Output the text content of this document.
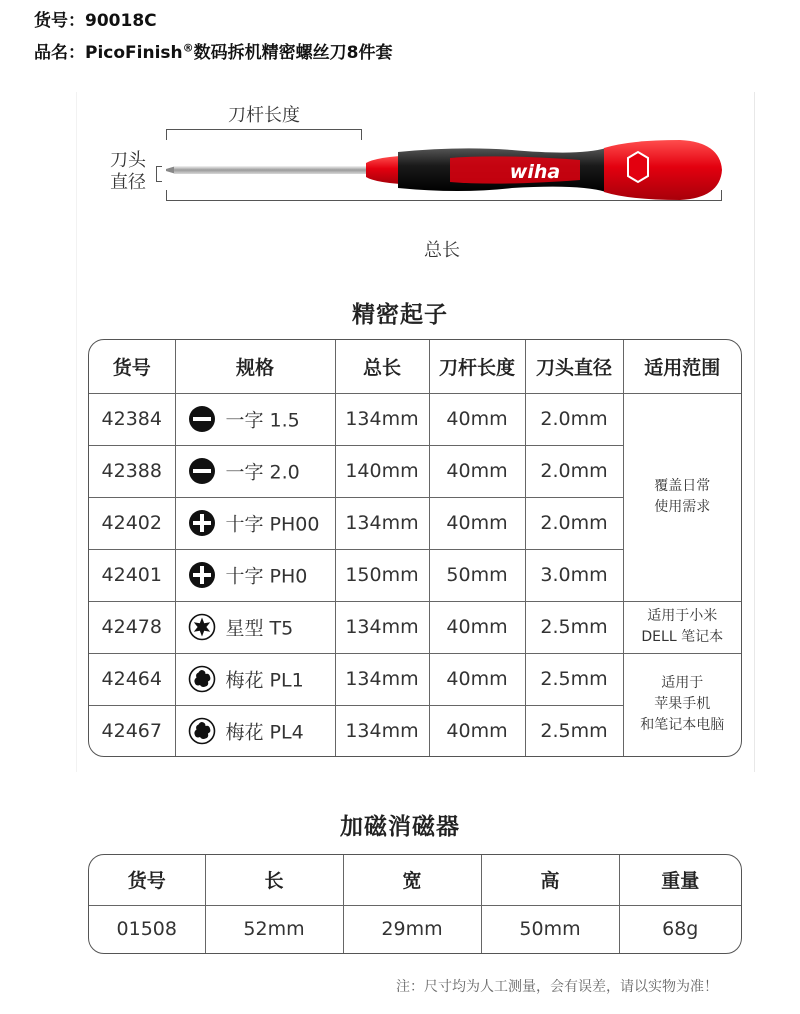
货号：90018C
品名：PicoFinish®数码拆机精密螺丝刀8件套
刀杆长度
刀头
直径
总长
wiha
精密起子
货号	规格	总长	刀杆长度	刀头直径	适用范围
42384	一字 1.5	134mm	40mm	2.0mm	覆盖日常
使用需求

42388	一字 2.0	140mm	40mm	2.0mm	
42402	十字 PH00	134mm	40mm	2.0mm	
42401	十字 PH0	150mm	50mm	3.0mm	
42478	星型 T5	134mm	40mm	2.5mm	适用于小米
DELL 笔记本

42464	梅花 PL1	134mm	40mm	2.5mm	适用于
苹果手机
和笔记本电脑

42467	梅花 PL4	134mm	40mm	2.5mm	
加磁消磁器
货号	长	宽	高	重量
01508	52mm	29mm	50mm	68g
注：尺寸均为人工测量，会有误差，请以实物为准！
